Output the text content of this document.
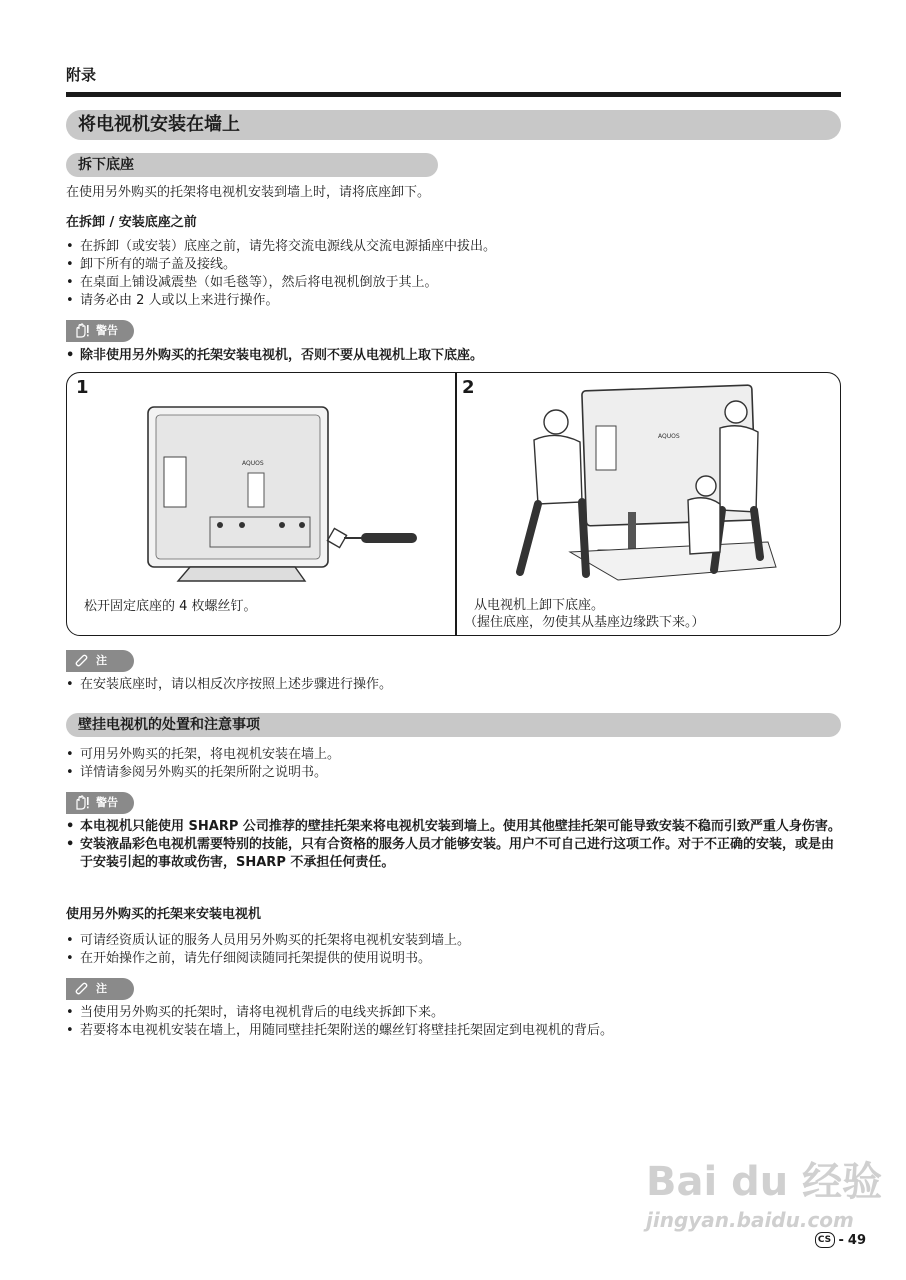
附录
将电视机安装在墙上
拆下底座
在使用另外购买的托架将电视机安装到墙上时，请将底座卸下。
在拆卸 / 安装底座之前
• 在拆卸（或安装）底座之前，请先将交流电源线从交流电源插座中拔出。
• 卸下所有的端子盖及接线。
• 在桌面上铺设减震垫（如毛毯等），然后将电视机倒放于其上。
• 请务必由 2 人或以上来进行操作。
警告
• 除非使用另外购买的托架安装电视机，否则不要从电视机上取下底座。
1
AQUOS
松开固定底座的 4 枚螺丝钉。
2
AQUOS
从电视机上卸下底座。
（握住底座，勿使其从基座边缘跌下来。）
注
• 在安装底座时，请以相反次序按照上述步骤进行操作。
壁挂电视机的处置和注意事项
• 可用另外购买的托架，将电视机安装在墙上。
• 详情请参阅另外购买的托架所附之说明书。
警告
• 本电视机只能使用 SHARP 公司推荐的壁挂托架来将电视机安装到墙上。使用其他壁挂托架可能导致安装不稳而引致严重人身伤害。
• 安装液晶彩色电视机需要特别的技能，只有合资格的服务人员才能够安装。用户不可自己进行这项工作。对于不正确的安装，或是由于安装引起的事故或伤害，SHARP 不承担任何责任。
使用另外购买的托架来安装电视机
• 可请经资质认证的服务人员用另外购买的托架将电视机安装到墙上。
• 在开始操作之前，请先仔细阅读随同托架提供的使用说明书。
注
• 当使用另外购买的托架时，请将电视机背后的电线夹拆卸下来。
• 若要将本电视机安装在墙上，用随同壁挂托架附送的螺丝钉将壁挂托架固定到电视机的背后。
Bai du 经验
jingyan.baidu.com
CS - 49
